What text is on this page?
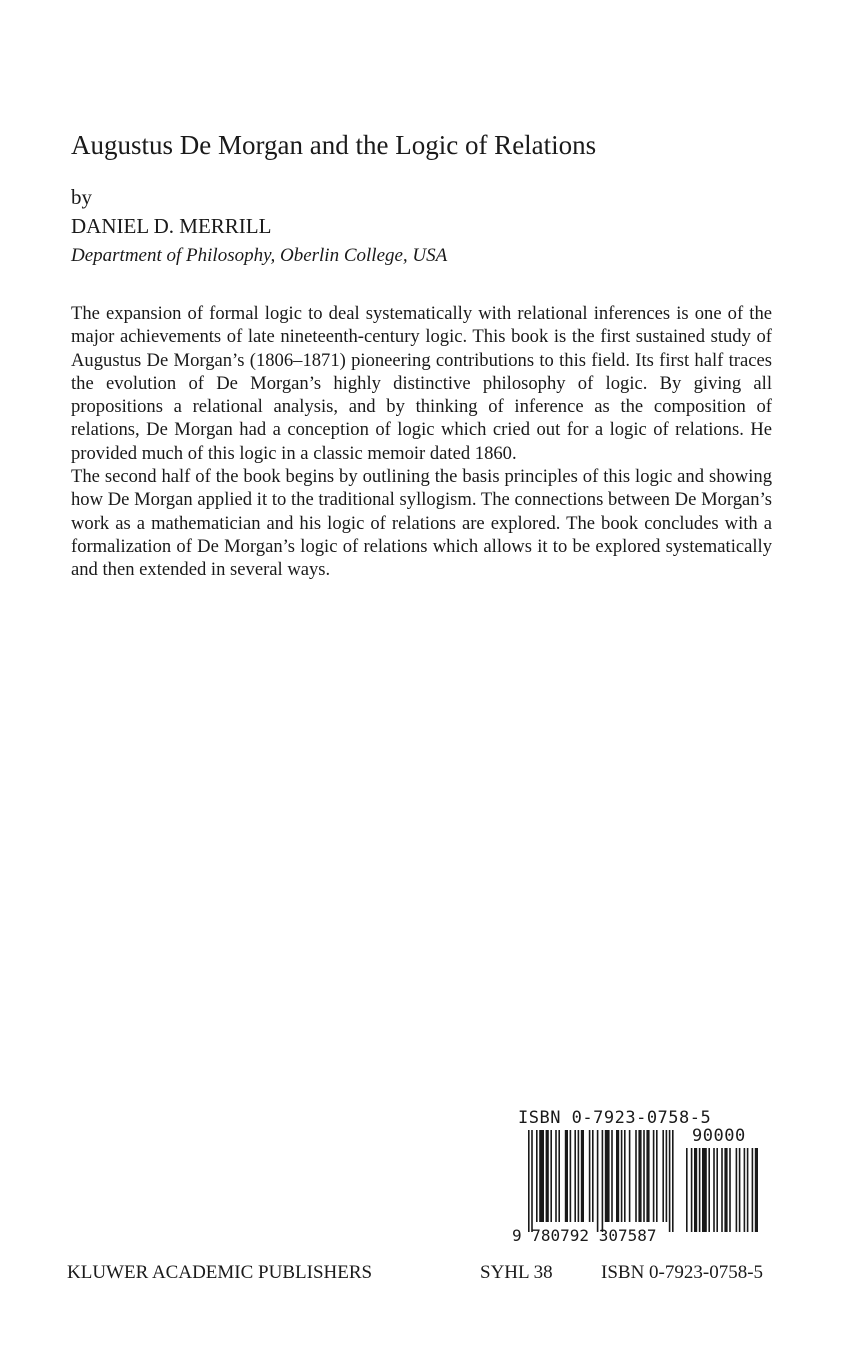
Augustus De Morgan and the Logic of Relations
by
DANIEL D. MERRILL
Department of Philosophy, Oberlin College, USA

The expansion of formal logic to deal systematically with relational inferences is one of the major achievements of late nineteenth-century logic. This book is the first sustained study of Augustus De Morgan’s (1806–1871) pioneering contributions to this field. Its first half traces the evolution of De Morgan’s highly distinctive philosophy of logic. By giving all propositions a relational analysis, and by thinking of inference as the composition of relations, De Morgan had a conception of logic which cried out for a logic of relations. He provided much of this logic in a classic memoir dated 1860.

The second half of the book begins by outlining the basis principles of this logic and showing how De Morgan applied it to the traditional syllogism. The connections between De Morgan’s work as a mathematician and his logic of relations are explored. The book concludes with a formalization of De Morgan’s logic of relations which allows it to be explored systematically and then extended in several ways.

ISBN 0-7923-0758-5
90000
9 780792 307587
KLUWER ACADEMIC PUBLISHERS	SYHL 38	ISBN 0-7923-0758-5
